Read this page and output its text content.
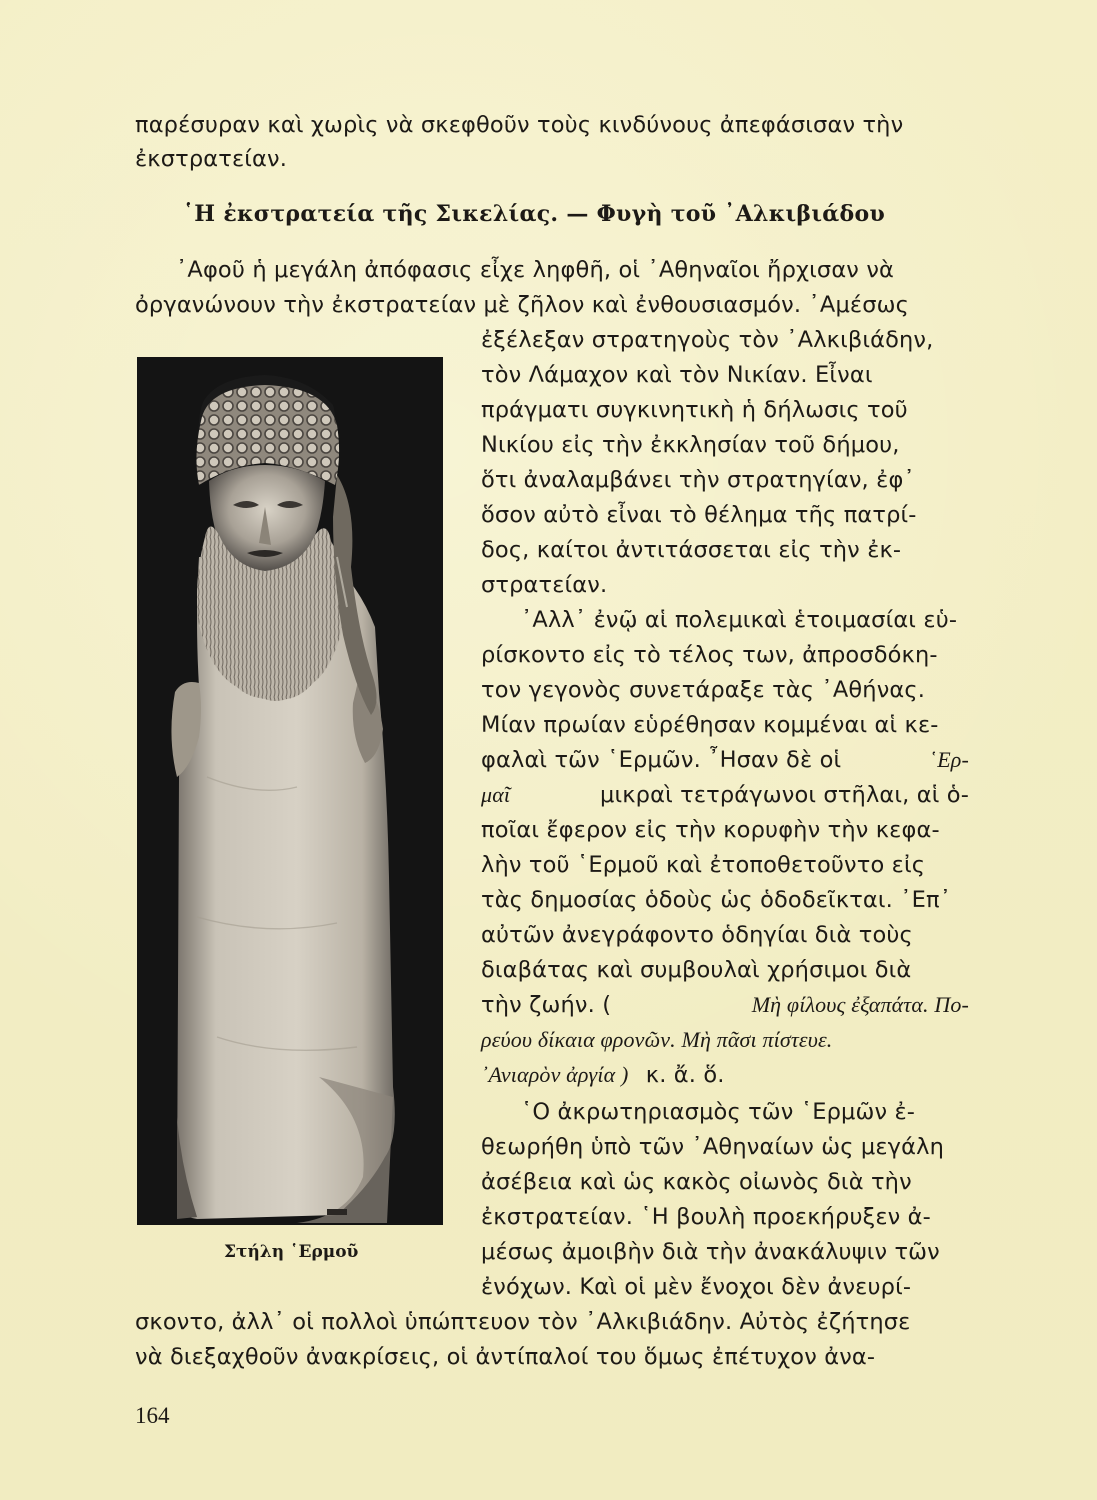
παρέσυραν καὶ χωρὶς νὰ σκεφθοῦν τοὺς κινδύνους ἀπεφάσισαν τὴν
ἐκστρατείαν.
῾Η ἐκστρατεία τῆς Σικελίας. — Φυγὴ τοῦ ᾿Αλκιβιάδου
᾿Αφοῦ ἡ μεγάλη ἀπόφασις εἶχε ληφθῆ, οἱ ᾿Αθηναῖοι ἤρχισαν νὰ
ὀργανώνουν τὴν ἐκστρατείαν μὲ ζῆλον καὶ ἐνθουσιασμόν. ᾿Αμέσως
ἐξέλεξαν στρατηγοὺς τὸν ᾿Αλκιβιάδην,
τὸν Λάμαχον καὶ τὸν Νικίαν. Εἶναι
πράγματι συγκινητικὴ ἡ δήλωσις τοῦ
Νικίου εἰς τὴν ἐκκλησίαν τοῦ δήμου,
ὅτι ἀναλαμβάνει τὴν στρατηγίαν, ἐφ᾿
ὅσον αὐτὸ εἶναι τὸ θέλημα τῆς πατρί-
δος, καίτοι ἀντιτάσσεται εἰς τὴν ἐκ-
στρατείαν.
᾿Αλλ᾿ ἐνῷ αἱ πολεμικαὶ ἑτοιμασίαι εὑ-
ρίσκοντο εἰς τὸ τέλος των, ἀπροσδόκη-
τον γεγονὸς συνετάραξε τὰς ᾿Αθήνας.
Μίαν πρωίαν εὑρέθησαν κομμέναι αἱ κε-
φαλαὶ τῶν ῾Ερμῶν. ῏Ησαν δὲ οἱ	῾Ερ-
μαῖ	μικραὶ τετράγωνοι στῆλαι, αἱ ὁ-
ποῖαι ἔφερον εἰς τὴν κορυφὴν τὴν κεφα-
λὴν τοῦ ῾Ερμοῦ καὶ ἐτοποθετοῦντο εἰς
τὰς δημοσίας ὁδοὺς ὡς ὁδοδεῖκται. ᾿Επ᾿
αὐτῶν ἀνεγράφοντο ὁδηγίαι διὰ τοὺς
διαβάτας καὶ συμβουλαὶ χρήσιμοι διὰ
τὴν ζωήν. (	Μὴ φίλους ἐξαπάτα. Πο-
ρεύου δίκαια φρονῶν. Μὴ πᾶσι πίστευε.
᾿Ανιαρὸν ἀργία ) κ. ἄ. ὅ.
῾Ο ἀκρωτηριασμὸς τῶν ῾Ερμῶν ἐ-
θεωρήθη ὑπὸ τῶν ᾿Αθηναίων ὡς μεγάλη
ἀσέβεια καὶ ὡς κακὸς οἰωνὸς διὰ τὴν
ἐκστρατείαν. ῾Η βουλὴ προεκήρυξεν ἀ-
μέσως ἀμοιβὴν διὰ τὴν ἀνακάλυψιν τῶν
ἐνόχων. Καὶ οἱ μὲν ἔνοχοι δὲν ἀνευρί-
Στήλη ῾Ερμοῦ
σκοντο, ἀλλ᾿ οἱ πολλοὶ ὑπώπτευον τὸν ᾿Αλκιβιάδην. Αὐτὸς ἐζήτησε
νὰ διεξαχθοῦν ἀνακρίσεις, οἱ ἀντίπαλοί του ὅμως ἐπέτυχον ἀνα-
164
